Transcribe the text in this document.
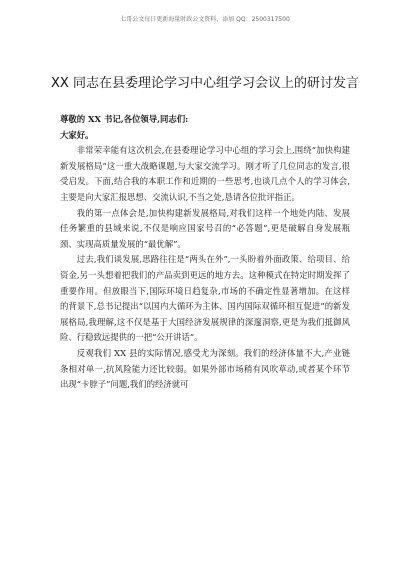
七哥公文每日更新海量时政公文资料，添加 QQ：2500317500
XX 同志在县委理论学习中心组学习会议上的研讨发言

尊敬的 XX 书记,各位领导,同志们:

大家好。

非常荣幸能有这次机会,在县委理论学习中心组的学习会上,围绕“加快构建新发展格局”这一重大战略课题,与大家交流学习。刚才听了几位同志的发言,很受启发。下面,结合我的本职工作和近期的一些思考,也谈几点个人的学习体会,主要是向大家汇报思想、交流认识,不当之处,恳请各位批评指正。

我的第一点体会是,加快构建新发展格局,对我们这样一个地处内陆、发展任务繁重的县域来说,不仅是响应国家号召的“必答题”,更是破解自身发展瓶颈、实现高质量发展的“最优解”。

过去,我们谈发展,思路往往是“两头在外”,一头盼着外面政策、给项目、给资金,另一头想着把我们的产品卖到更远的地方去。这种模式在特定时期发挥了重要作用。但放眼当下,国际环境日趋复杂,市场的不确定性显著增加。在这样的背景下,总书记提出“以国内大循环为主体、国内国际双循环相互促进”的新发展格局,我理解,这不仅是基于大国经济发展规律的深邃洞察,更是为我们抵御风险、行稳致远提供的一把“公开讲话”。

反观我们 XX 县的实际情况,感受尤为深刻。我们的经济体量不大,产业链条相对单一,抗风险能力还比较弱。如果外部市场稍有风吹草动,或者某个环节出现“卡脖子”问题,我们的经济就可
